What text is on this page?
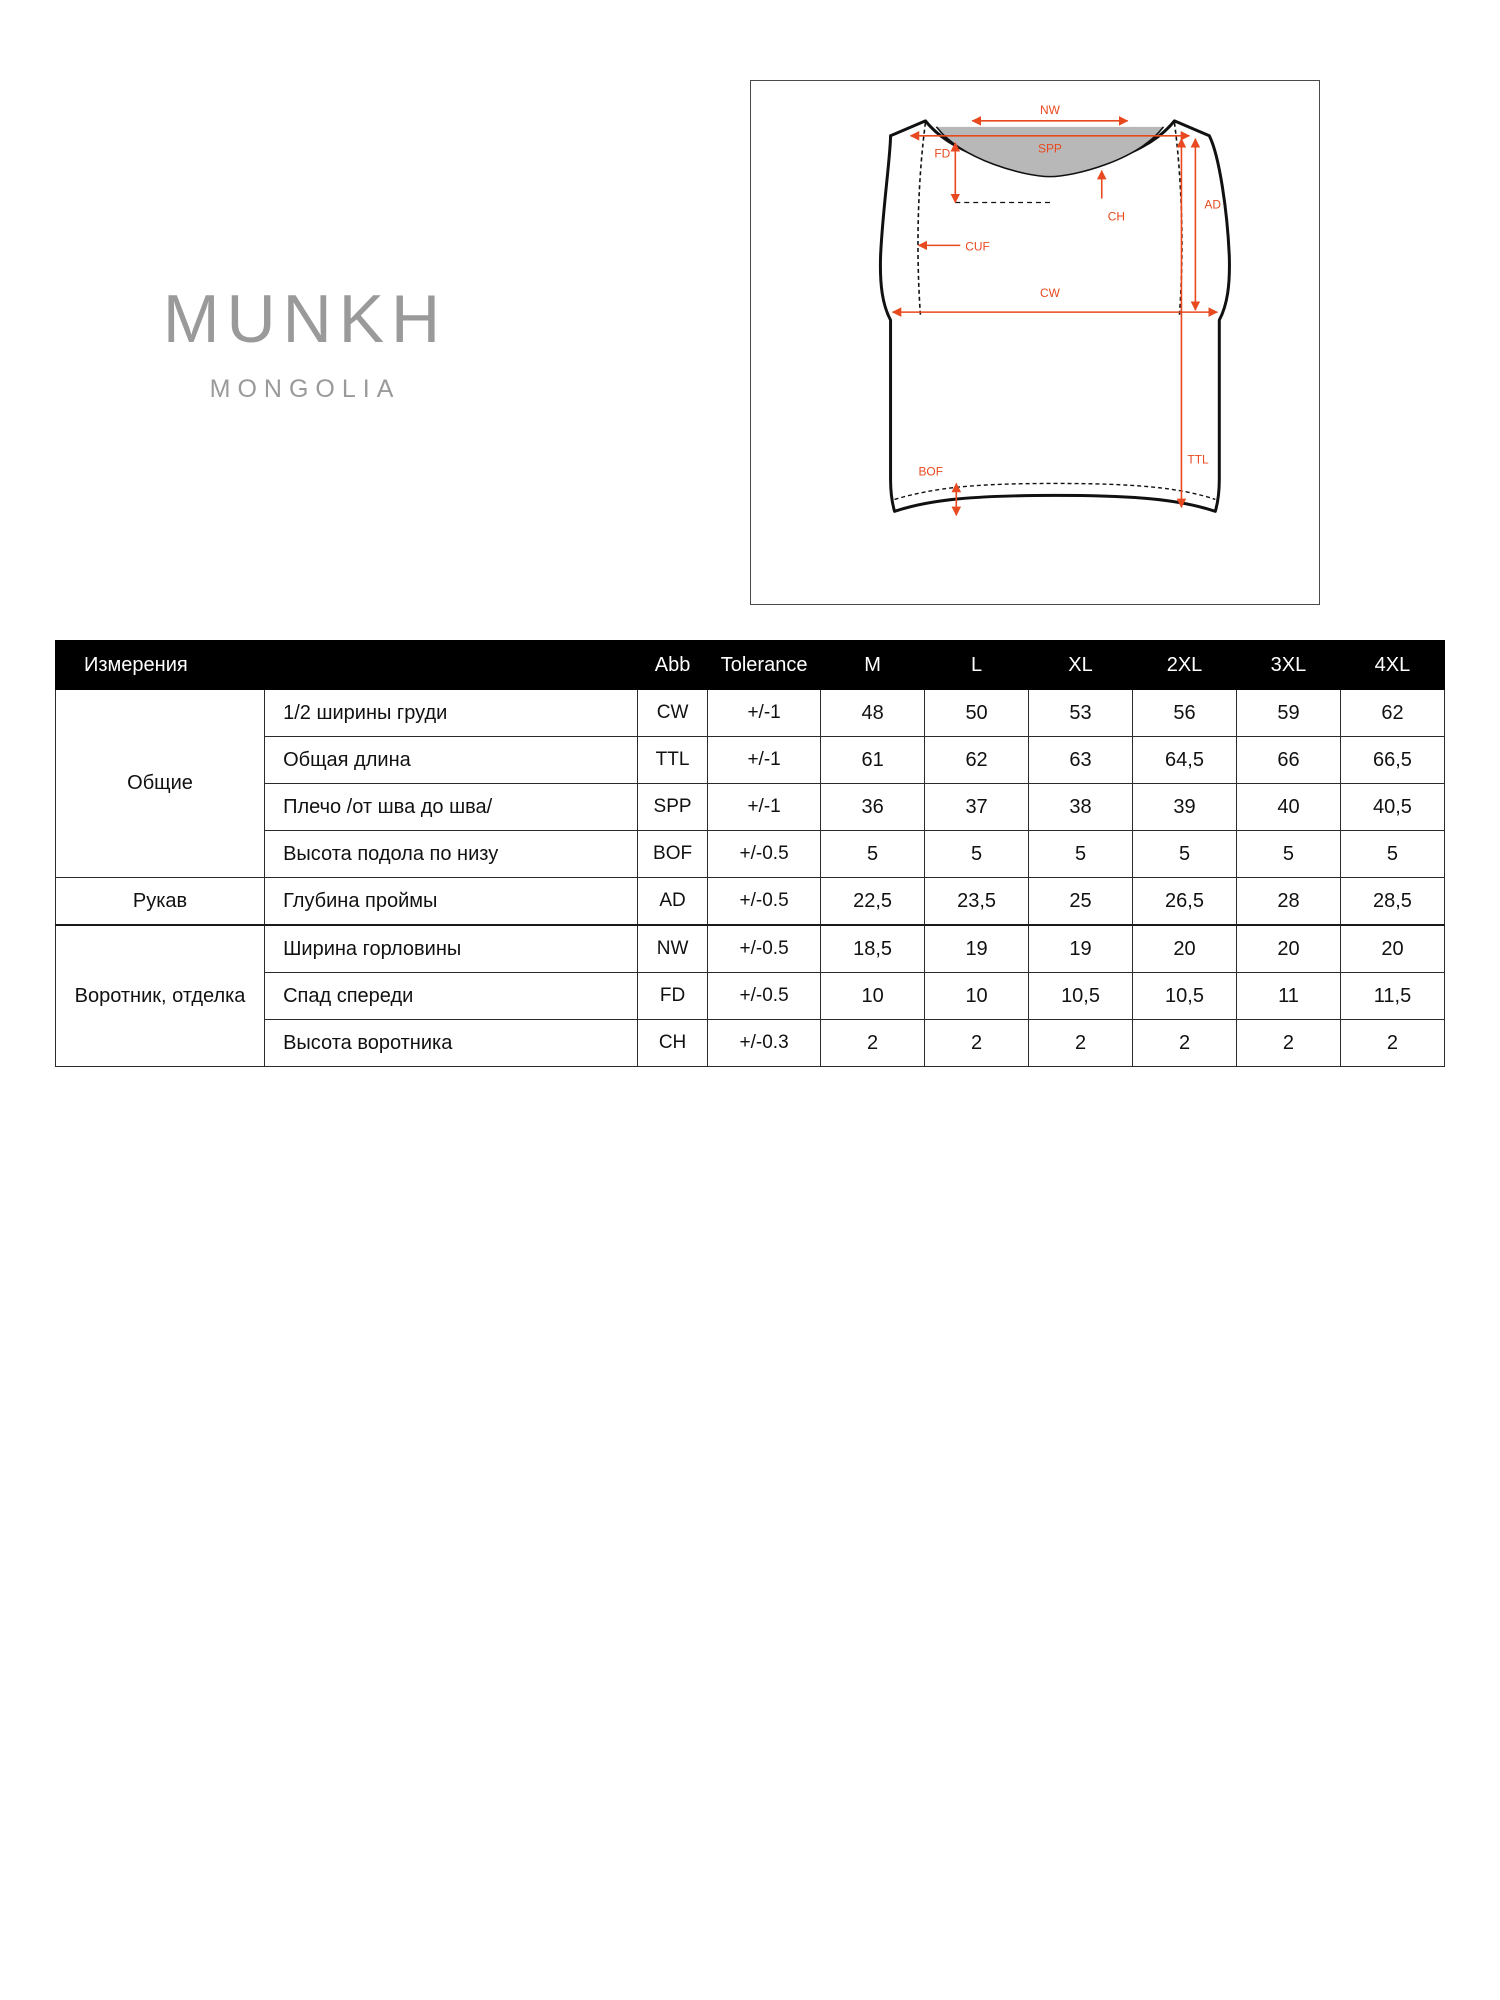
MUNKH
MONGOLIA
NW
SPP
FD
CH
AD
CUF
CW
TTL
BOF
Измерения		Abb	Tolerance	M	L	XL	2XL	3XL	4XL
Общие	1/2 ширины груди	CW	+/-1	48	50	53	56	59	62
	Общая длина	TTL	+/-1	61	62	63	64,5	66	66,5
	Плечо /от шва до шва/	SPP	+/-1	36	37	38	39	40	40,5
	Высота подола по низу	BOF	+/-0.5	5	5	5	5	5	5
Рукав	Глубина проймы	AD	+/-0.5	22,5	23,5	25	26,5	28	28,5
Воротник, отделка	Ширина горловины	NW	+/-0.5	18,5	19	19	20	20	20
	Спад спереди	FD	+/-0.5	10	10	10,5	10,5	11	11,5
	Высота воротника	CH	+/-0.3	2	2	2	2	2	2
